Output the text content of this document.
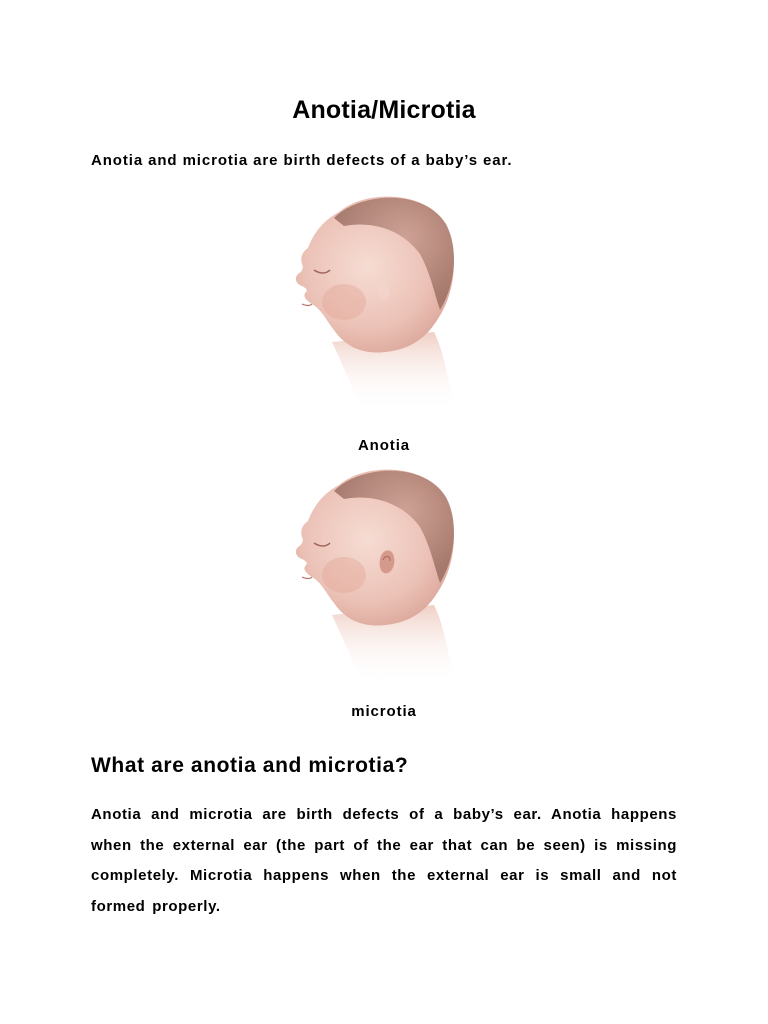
Anotia/Microtia
Anotia and microtia are birth defects of a baby’s ear.
Anotia
microtia
What are anotia and microtia?
Anotia and microtia are birth defects of a baby’s ear. Anotia happens when the external ear (the part of the ear that can be seen) is missing completely. Microtia happens when the external ear is small and not formed properly.
